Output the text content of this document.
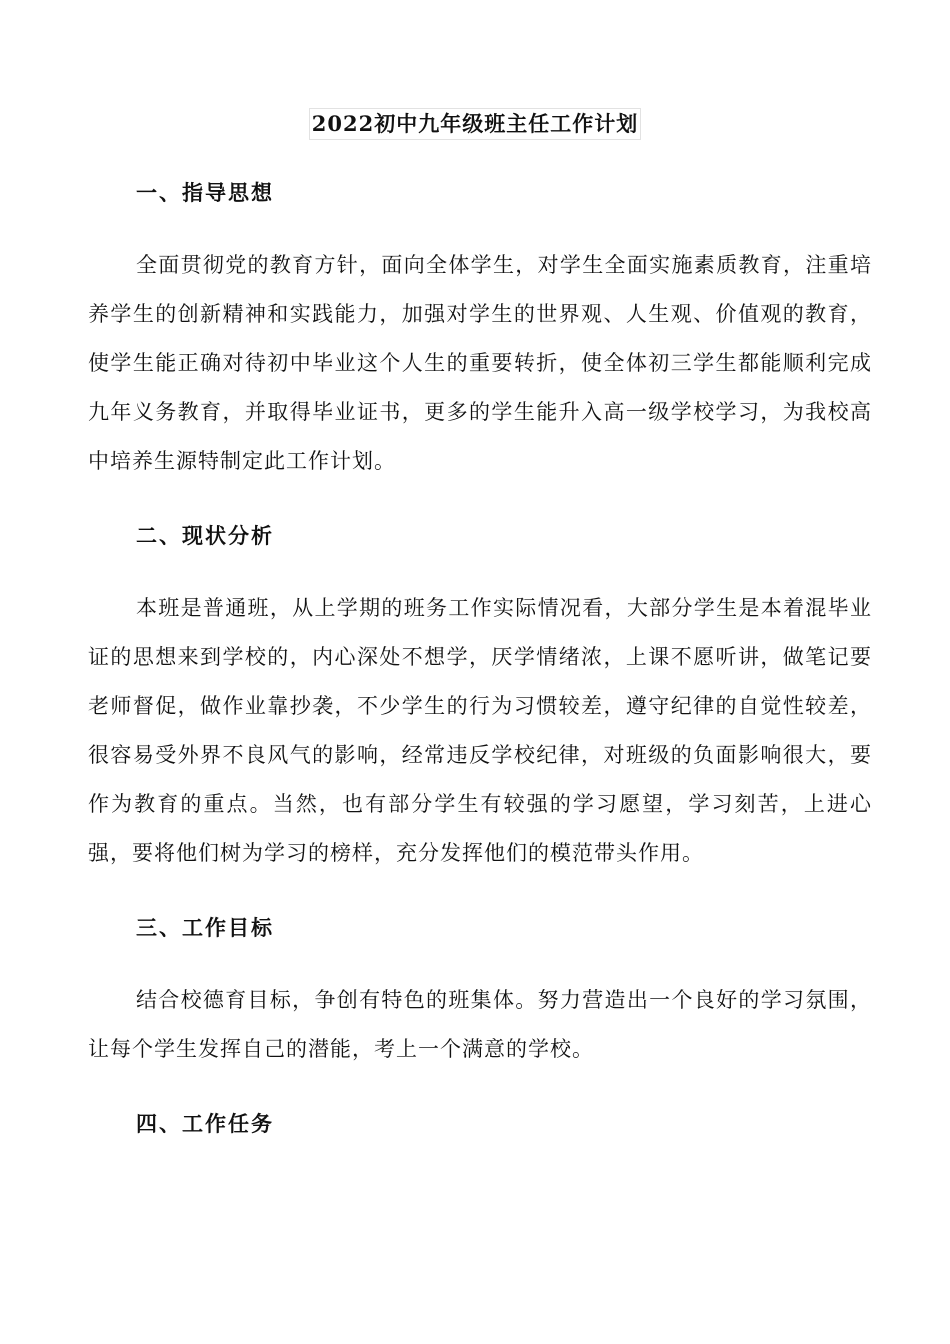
2022初中九年级班主任工作计划
一、指导思想
全面贯彻党的教育方针，面向全体学生，对学生全面实施素质教育，注重培养学生的创新精神和实践能力，加强对学生的世界观、人生观、价值观的教育，使学生能正确对待初中毕业这个人生的重要转折，使全体初三学生都能顺利完成九年义务教育，并取得毕业证书，更多的学生能升入高一级学校学习，为我校高中培养生源特制定此工作计划。
二、现状分析
本班是普通班，从上学期的班务工作实际情况看，大部分学生是本着混毕业证的思想来到学校的，内心深处不想学，厌学情绪浓，上课不愿听讲，做笔记要老师督促，做作业靠抄袭，不少学生的行为习惯较差，遵守纪律的自觉性较差，很容易受外界不良风气的影响，经常违反学校纪律，对班级的负面影响很大，要作为教育的重点。当然，也有部分学生有较强的学习愿望，学习刻苦，上进心强，要将他们树为学习的榜样，充分发挥他们的模范带头作用。
三、工作目标
结合校德育目标，争创有特色的班集体。努力营造出一个良好的学习氛围，让每个学生发挥自己的潜能，考上一个满意的学校。
四、工作任务
